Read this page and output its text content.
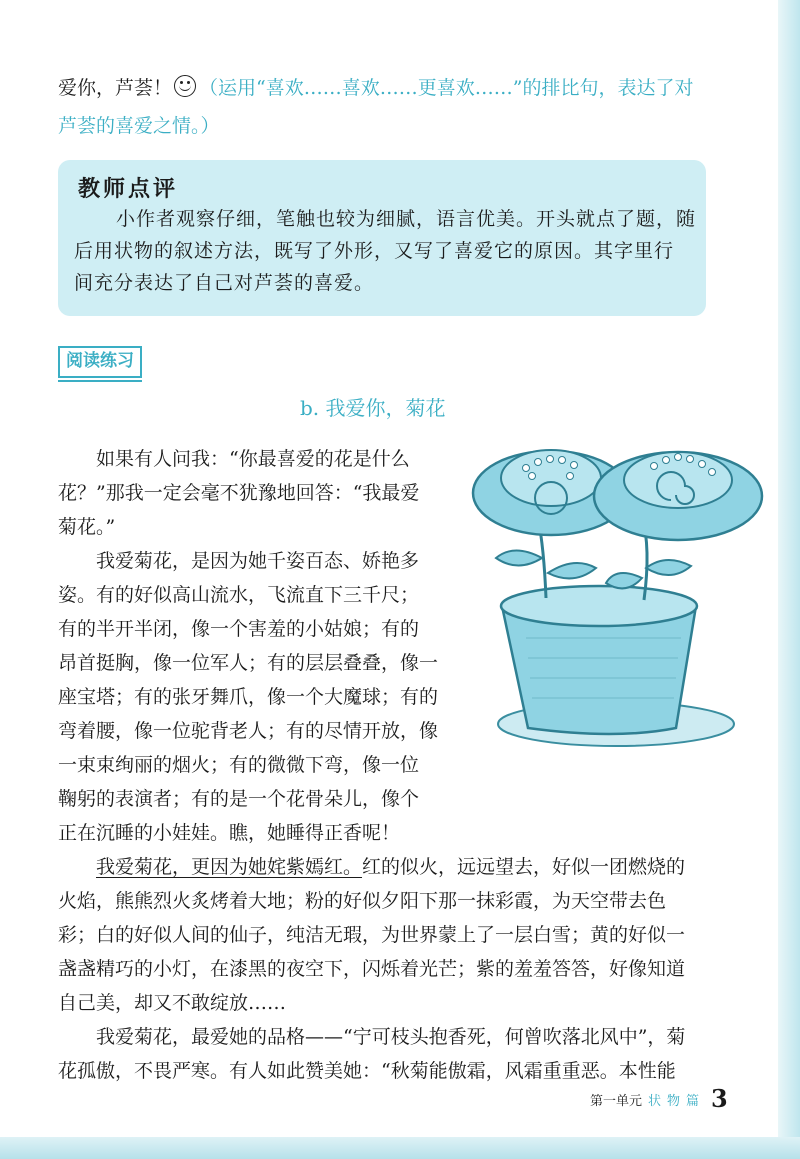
爱你，芦荟！ （运用“喜欢……喜欢……更喜欢……”的排比句，表达了对
芦荟的喜爱之情。）
教师点评
小作者观察仔细，笔触也较为细腻，语言优美。开头就点了题，随
后用状物的叙述方法，既写了外形，又写了喜爱它的原因。其字里行
间充分表达了自己对芦荟的喜爱。
阅读练习
b. 我爱你，菊花
如果有人问我：“你最喜爱的花是什么
花？”那我一定会毫不犹豫地回答：“我最爱
菊花。”
我爱菊花，是因为她千姿百态、娇艳多
姿。有的好似高山流水，飞流直下三千尺；
有的半开半闭，像一个害羞的小姑娘；有的
昂首挺胸，像一位军人；有的层层叠叠，像一
座宝塔；有的张牙舞爪，像一个大魔球；有的
弯着腰，像一位驼背老人；有的尽情开放，像
一束束绚丽的烟火；有的微微下弯，像一位
鞠躬的表演者；有的是一个花骨朵儿，像个
正在沉睡的小娃娃。瞧，她睡得正香呢！
我爱菊花，更因为她姹紫嫣红。红的似火，远远望去，好似一团燃烧的
火焰，熊熊烈火炙烤着大地；粉的好似夕阳下那一抹彩霞，为天空带去色
彩；白的好似人间的仙子，纯洁无瑕，为世界蒙上了一层白雪；黄的好似一
盏盏精巧的小灯，在漆黑的夜空下，闪烁着光芒；紫的羞羞答答，好像知道
自己美，却又不敢绽放……
我爱菊花，最爱她的品格——“宁可枝头抱香死，何曾吹落北风中”，菊
花孤傲，不畏严寒。有人如此赞美她：“秋菊能傲霜，风霜重重恶。本性能
第一单元 状物篇 3
